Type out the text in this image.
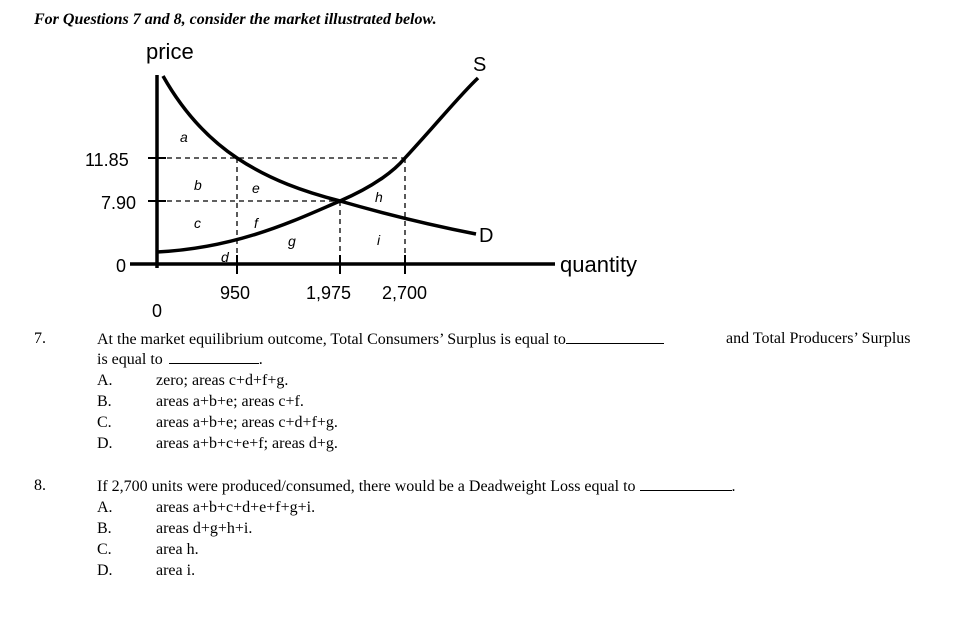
For Questions 7 and 8, consider the market illustrated below.
price
quantity
S
D
11.85
7.90
0
950	1,975 2,700
0
a
b
c
d
e
f
g
h
i
7.	At the market equilibrium outcome, Total Consumers’ Surplus is equal to	and Total Producers’ Surplus
is equal to	.
A.	zero; areas c+d+f+g.
B.	areas a+b+e; areas c+f.
C.	areas a+b+e; areas c+d+f+g.
D.	areas a+b+c+e+f; areas d+g.
8.	If 2,700 units were produced/consumed, there would be a Deadweight Loss equal to	.
A.	areas a+b+c+d+e+f+g+i.
B.	areas d+g+h+i.
C.	area h.
D.	area i.
